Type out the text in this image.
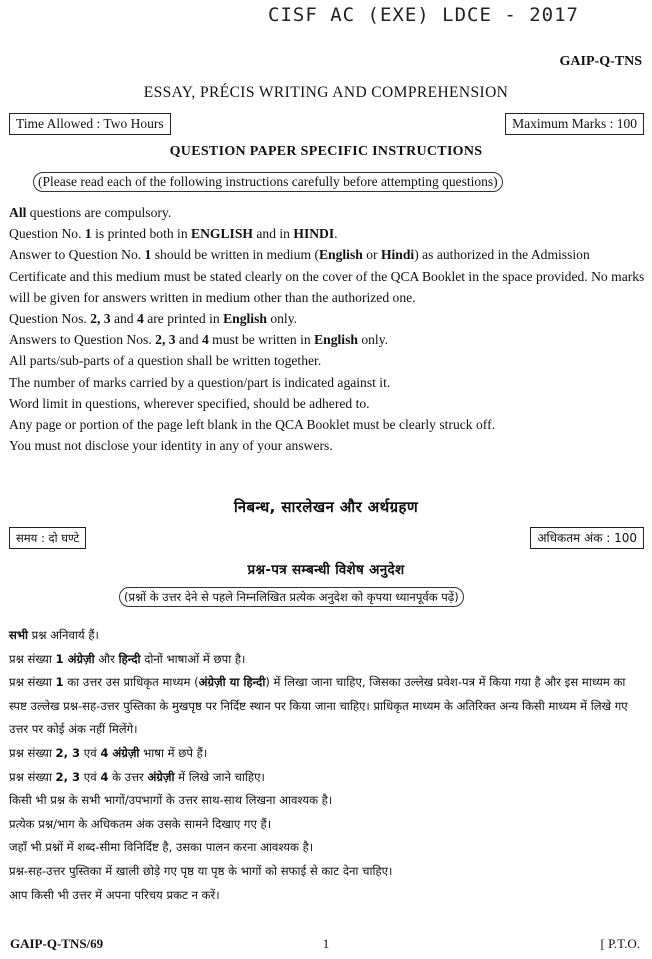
CISF AC (EXE) LDCE - 2017
GAIP-Q-TNS
ESSAY, PRÉCIS WRITING AND COMPREHENSION
Time Allowed : Two Hours	Maximum Marks : 100
QUESTION PAPER SPECIFIC INSTRUCTIONS
(Please read each of the following instructions carefully before attempting questions)

All questions are compulsory.

Question No. 1 is printed both in ENGLISH and in HINDI.

Answer to Question No. 1 should be written in medium (English or Hindi) as authorized in the Admission Certificate and this medium must be stated clearly on the cover of the QCA Booklet in the space provided. No marks will be given for answers written in medium other than the authorized one.

Question Nos. 2, 3 and 4 are printed in English only.

Answers to Question Nos. 2, 3 and 4 must be written in English only.

All parts/sub-parts of a question shall be written together.

The number of marks carried by a question/part is indicated against it.

Word limit in questions, wherever specified, should be adhered to.

Any page or portion of the page left blank in the QCA Booklet must be clearly struck off.

You must not disclose your identity in any of your answers.

निबन्ध, सारलेखन और अर्थग्रहण
समय : दो घण्टे	अधिकतम अंक : 100
प्रश्न-पत्र सम्बन्धी विशेष अनुदेश
(प्रश्नों के उत्तर देने से पहले निम्नलिखित प्रत्येक अनुदेश को कृपया ध्यानपूर्वक पढ़ें)

सभी प्रश्न अनिवार्य हैं।

प्रश्न संख्या 1 अंग्रेज़ी और हिन्दी दोनों भाषाओं में छपा है।

प्रश्न संख्या 1 का उत्तर उस प्राधिकृत माध्यम (अंग्रेज़ी या हिन्दी) में लिखा जाना चाहिए, जिसका उल्लेख प्रवेश-पत्र में किया गया है और इस माध्यम का स्पष्ट उल्लेख प्रश्न-सह-उत्तर पुस्तिका के मुखपृष्ठ पर निर्दिष्ट स्थान पर किया जाना चाहिए। प्राधिकृत माध्यम के अतिरिक्त अन्य किसी माध्यम में लिखे गए उत्तर पर कोई अंक नहीं मिलेंगे।

प्रश्न संख्या 2, 3 एवं 4 अंग्रेज़ी भाषा में छपे हैं।

प्रश्न संख्या 2, 3 एवं 4 के उत्तर अंग्रेज़ी में लिखे जाने चाहिए।

किसी भी प्रश्न के सभी भागों/उपभागों के उत्तर साथ-साथ लिखना आवश्यक है।

प्रत्येक प्रश्न/भाग के अधिकतम अंक उसके सामने दिखाए गए हैं।

जहाँ भी प्रश्नों में शब्द-सीमा विनिर्दिष्ट है, उसका पालन करना आवश्यक है।

प्रश्न-सह-उत्तर पुस्तिका में खाली छोड़े गए पृष्ठ या पृष्ठ के भागों को सफाई से काट देना चाहिए।

आप किसी भी उत्तर में अपना परिचय प्रकट न करें।

GAIP-Q-TNS/69	1	[ P.T.O.
